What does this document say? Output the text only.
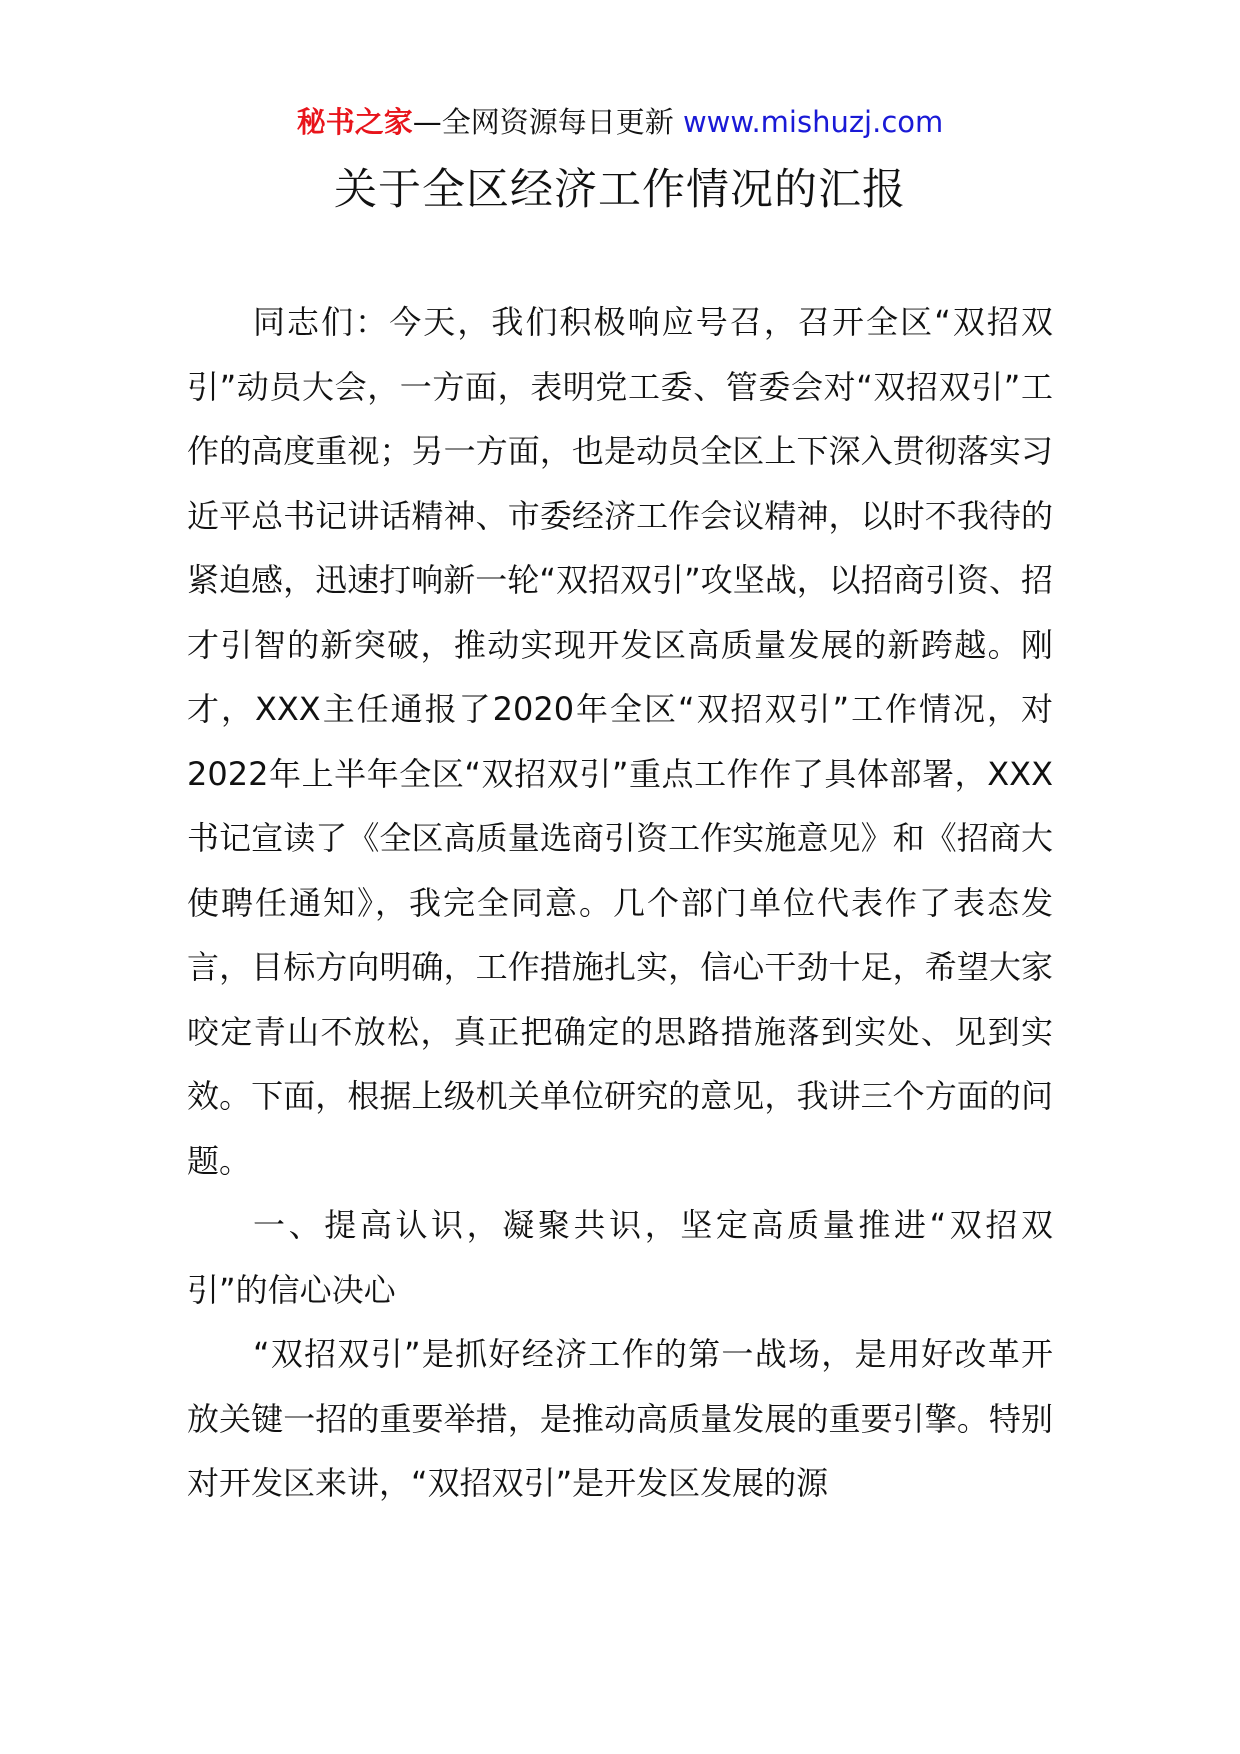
秘书之家—全网资源每日更新 www.mishuzj.com
关于全区经济工作情况的汇报

同志们：今天，我们积极响应号召，召开全区“双招双引”动员大会，一方面，表明党工委、管委会对“双招双引”工作的高度重视；另一方面，也是动员全区上下深入贯彻落实习近平总书记讲话精神、市委经济工作会议精神，以时不我待的紧迫感，迅速打响新一轮“双招双引”攻坚战，以招商引资、招才引智的新突破，推动实现开发区高质量发展的新跨越。刚才，XXX主任通报了2020年全区“双招双引”工作情况，对2022年上半年全区“双招双引”重点工作作了具体部署，XXX书记宣读了《全区高质量选商引资工作实施意见》和《招商大使聘任通知》，我完全同意。几个部门单位代表作了表态发言，目标方向明确，工作措施扎实，信心干劲十足，希望大家咬定青山不放松，真正把确定的思路措施落到实处、见到实效。下面，根据上级机关单位研究的意见，我讲三个方面的问题。

一、提高认识，凝聚共识，坚定高质量推进“双招双引”的信心决心

“双招双引”是抓好经济工作的第一战场，是用好改革开放关键一招的重要举措，是推动高质量发展的重要引擎。特别对开发区来讲，“双招双引”是开发区发展的源
